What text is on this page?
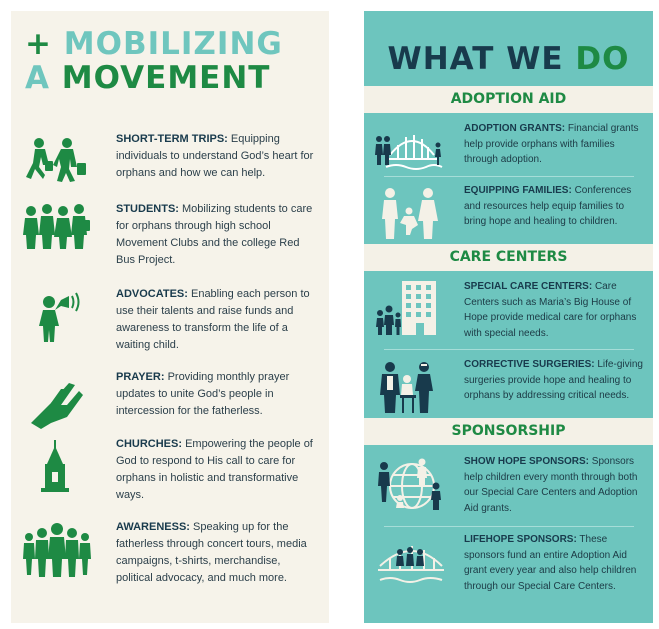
+ MOBILIZING
A MOVEMENT
SHORT-TERM TRIPS: Equipping individuals to understand God’s heart for orphans and how we can help.
STUDENTS: Mobilizing students to care for orphans through high school Movement Clubs and the college Red Bus Project.
ADVOCATES: Enabling each person to use their talents and raise funds and awareness to transform the life of a waiting child.
PRAYER: Providing monthly prayer updates to unite God’s people in intercession for the fatherless.
CHURCHES: Empowering the people of God to respond to His call to care for orphans in holistic and transformative ways.
AWARENESS: Speaking up for the fatherless through concert tours, media campaigns, t-shirts, merchandise, political advocacy, and much more.
WHAT WE DO
ADOPTION AID
ADOPTION GRANTS: Financial grants help provide orphans with families through adoption.
EQUIPPING FAMILIES: Conferences and resources help equip families to bring hope and healing to children.
CARE CENTERS
SPECIAL CARE CENTERS: Care Centers such as Maria’s Big House of Hope provide medical care for orphans with special needs.
CORRECTIVE SURGERIES: Life-giving surgeries provide hope and healing to orphans by addressing critical needs.
SPONSORSHIP
SHOW HOPE SPONSORS: Sponsors help children every month through both our Special Care Centers and Adoption Aid grants.
LIFEHOPE SPONSORS: These sponsors fund an entire Adoption Aid grant every year and also help children through our Special Care Centers.
